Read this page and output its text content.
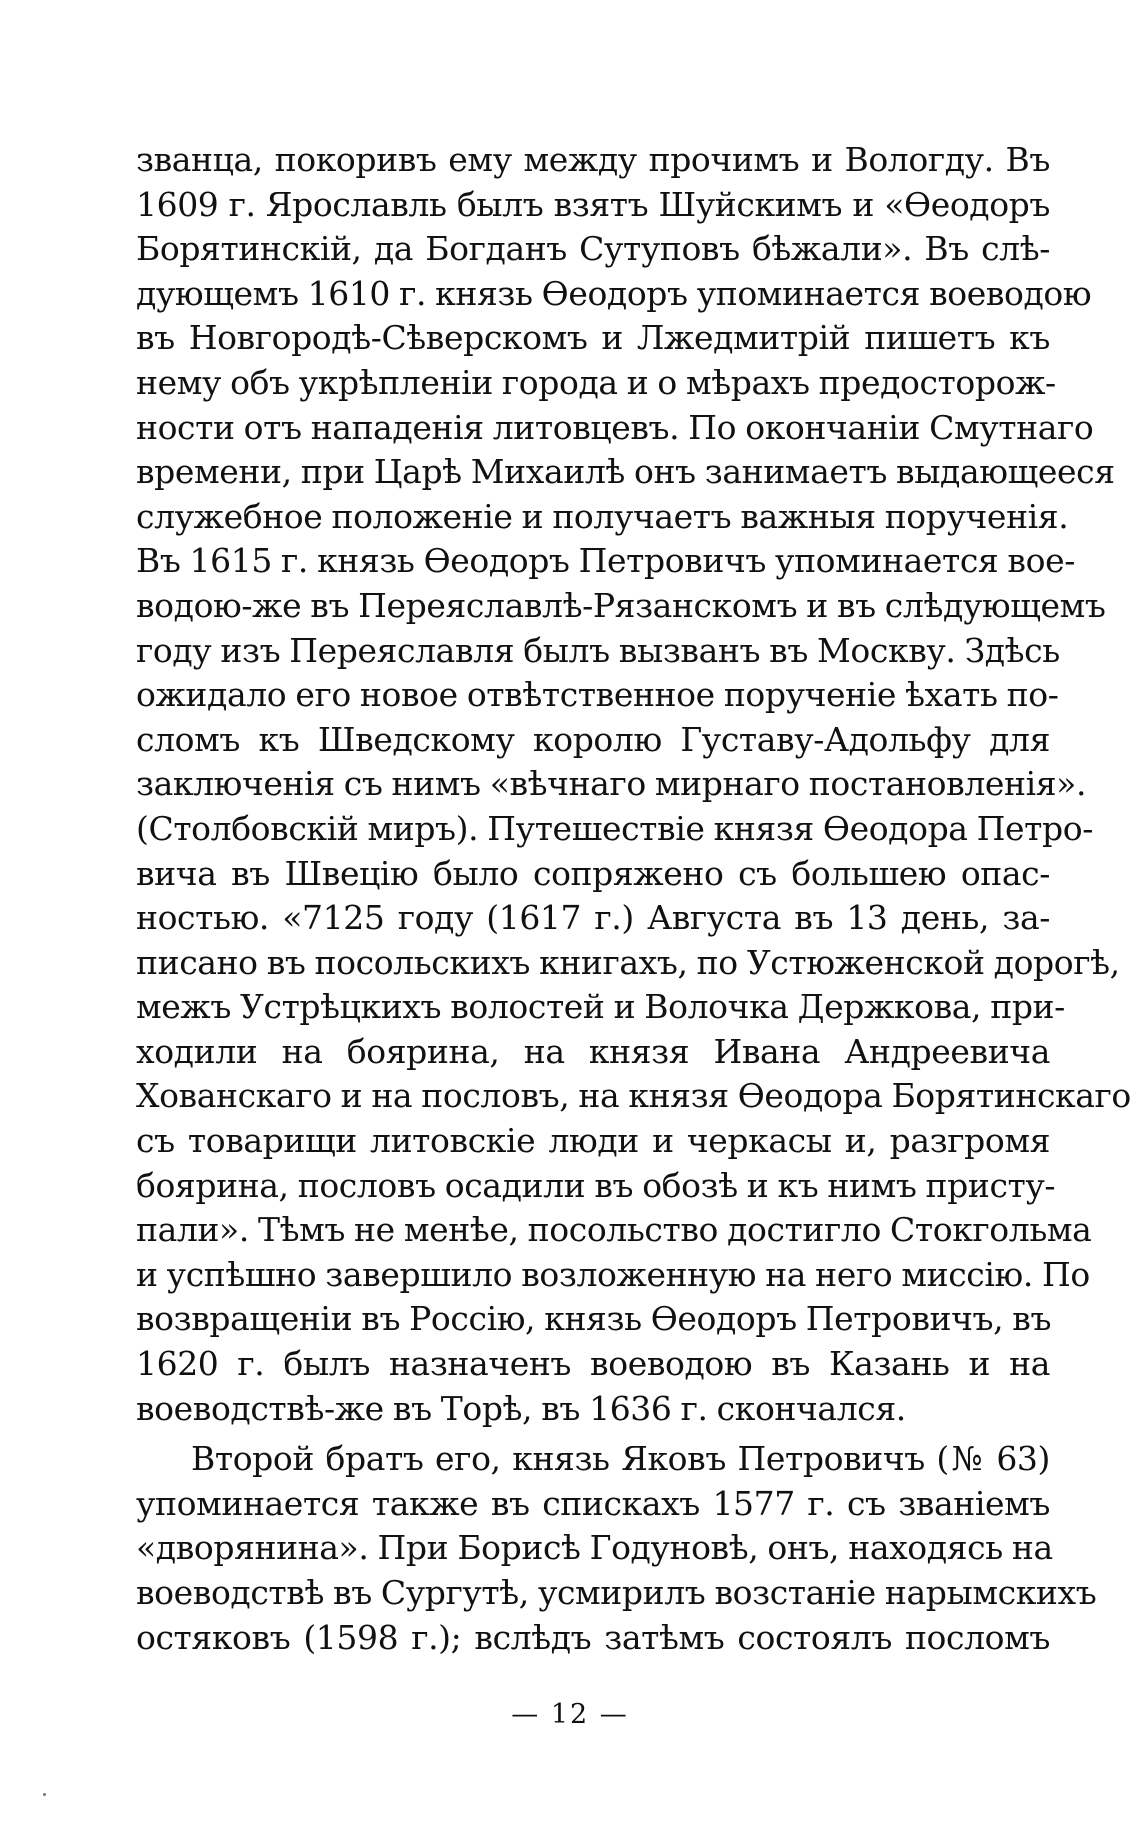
званца, покоривъ ему между прочимъ и Вологду. Въ
1609 г. Ярославль былъ взятъ Шуйскимъ и «Ѳеодоръ
Борятинскій, да Богданъ Сутуповъ бѣжали». Въ слѣ-
дующемъ 1610 г. князь Ѳеодоръ упоминается воеводою
въ Новгородѣ-Сѣверскомъ и Лжедмитрій пишетъ къ
нему объ укрѣпленіи города и о мѣрахъ предосторож-
ности отъ нападенія литовцевъ. По окончаніи Смутнаго
времени, при Царѣ Михаилѣ онъ занимаетъ выдающееся
служебное положеніе и получаетъ важныя порученія.
Въ 1615 г. князь Ѳеодоръ Петровичъ упоминается вое-
водою-же въ Переяславлѣ-Рязанскомъ и въ слѣдующемъ
году изъ Переяславля былъ вызванъ въ Москву. Здѣсь
ожидало его новое отвѣтственное порученіе ѣхать по-
сломъ къ Шведскому королю Густаву-Адольфу для
заключенія съ нимъ «вѣчнаго мирнаго постановленія».
(Столбовскій миръ). Путешествіе князя Ѳеодора Петро-
вича въ Швецію было сопряжено съ большею опас-
ностью. «7125 году (1617 г.) Августа въ 13 день, за-
писано въ посольскихъ книгахъ, по Устюженской дорогѣ,
межъ Устрѣцкихъ волостей и Волочка Держкова, при-
ходили на боярина, на князя Ивана Андреевича
Хованскаго и на пословъ, на князя Ѳеодора Борятинскаго
съ товарищи литовскіе люди и черкасы и, разгромя
боярина, пословъ осадили въ обозѣ и къ нимъ присту-
пали». Тѣмъ не менѣе, посольство достигло Стокгольма
и успѣшно завершило возложенную на него миссію. По
возвращеніи въ Россію, князь Ѳеодоръ Петровичъ, въ
1620 г. былъ назначенъ воеводою въ Казань и на
воеводствѣ-же въ Торѣ, въ 1636 г. скончался.
Второй братъ его, князь Яковъ Петровичъ (№ 63)
упоминается также въ спискахъ 1577 г. съ званіемъ
«дворянина». При Борисѣ Годуновѣ, онъ, находясь на
воеводствѣ въ Сургутѣ, усмирилъ возстаніе нарымскихъ
остяковъ (1598 г.); вслѣдъ затѣмъ состоялъ посломъ
— 12 —
